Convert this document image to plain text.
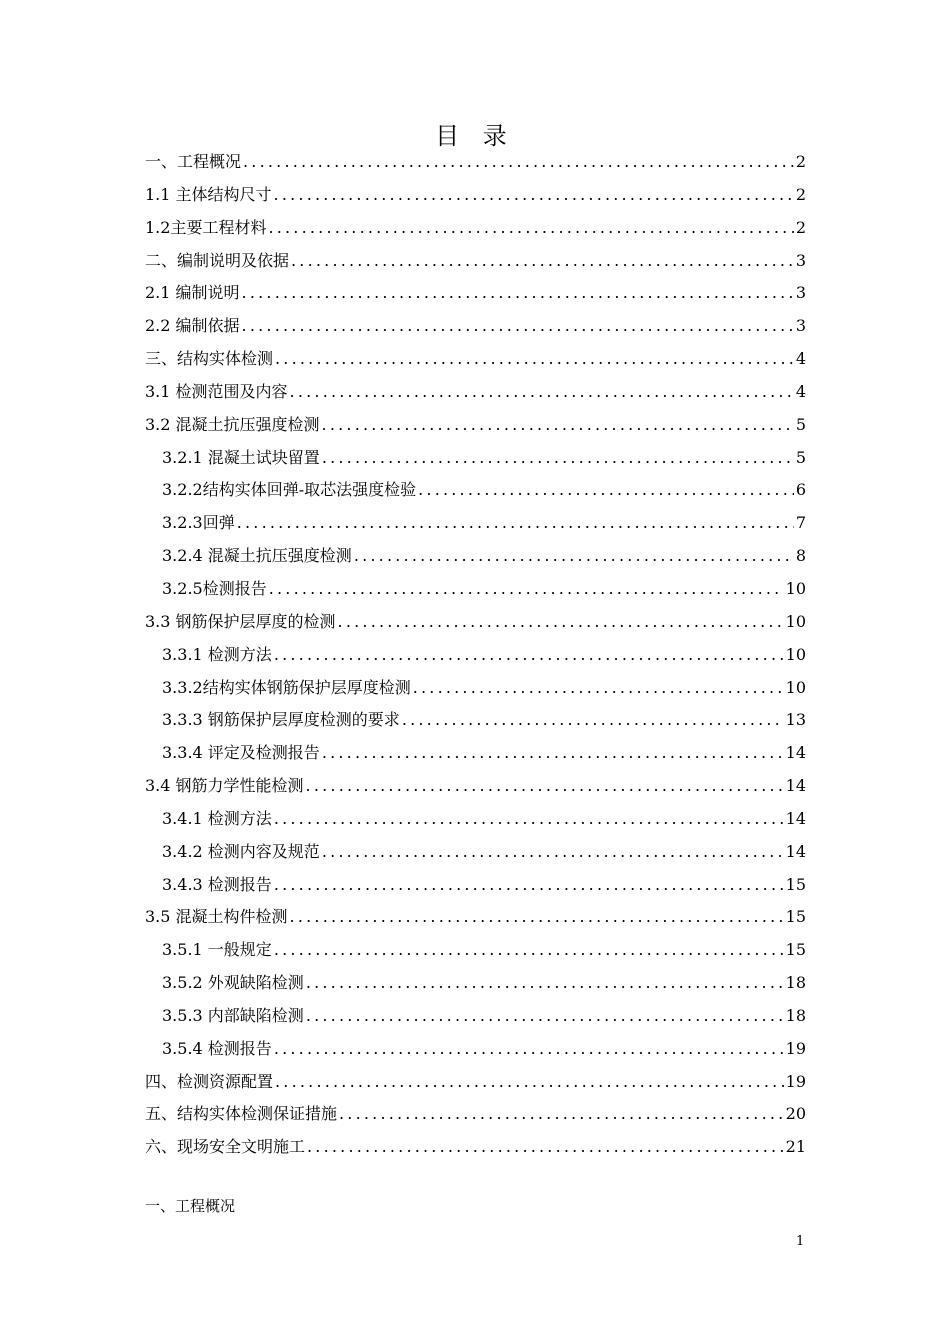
目 录
一、工程概况 .....	2
1.1 主体结构尺寸 .....	2
1.2主要工程材料 .....	2
二、编制说明及依据 .....	3
2.1 编制说明 .....	3
2.2 编制依据 .....	3
三、结构实体检测 .....	4
3.1 检测范围及内容 .....	4
3.2 混凝土抗压强度检测 .....	5
3.2.1 混凝土试块留置 .....	5
3.2.2结构实体回弹-取芯法强度检验 .....	6
3.2.3回弹 .....	7
3.2.4 混凝土抗压强度检测 .....	8
3.2.5检测报告 .....	10
3.3 钢筋保护层厚度的检测 .....	10
3.3.1 检测方法 .....	10
3.3.2结构实体钢筋保护层厚度检测 .....	10
3.3.3 钢筋保护层厚度检测的要求 .....	13
3.3.4 评定及检测报告 .....	14
3.4 钢筋力学性能检测 .....	14
3.4.1 检测方法 .....	14
3.4.2 检测内容及规范 .....	14
3.4.3 检测报告 .....	15
3.5 混凝土构件检测 .....	15
3.5.1 一般规定 .....	15
3.5.2 外观缺陷检测 .....	18
3.5.3 内部缺陷检测 .....	18
3.5.4 检测报告 .....	19
四、检测资源配置 .....	19
五、结构实体检测保证措施 .....	20
六、现场安全文明施工 .....	21
一、工程概况
1
